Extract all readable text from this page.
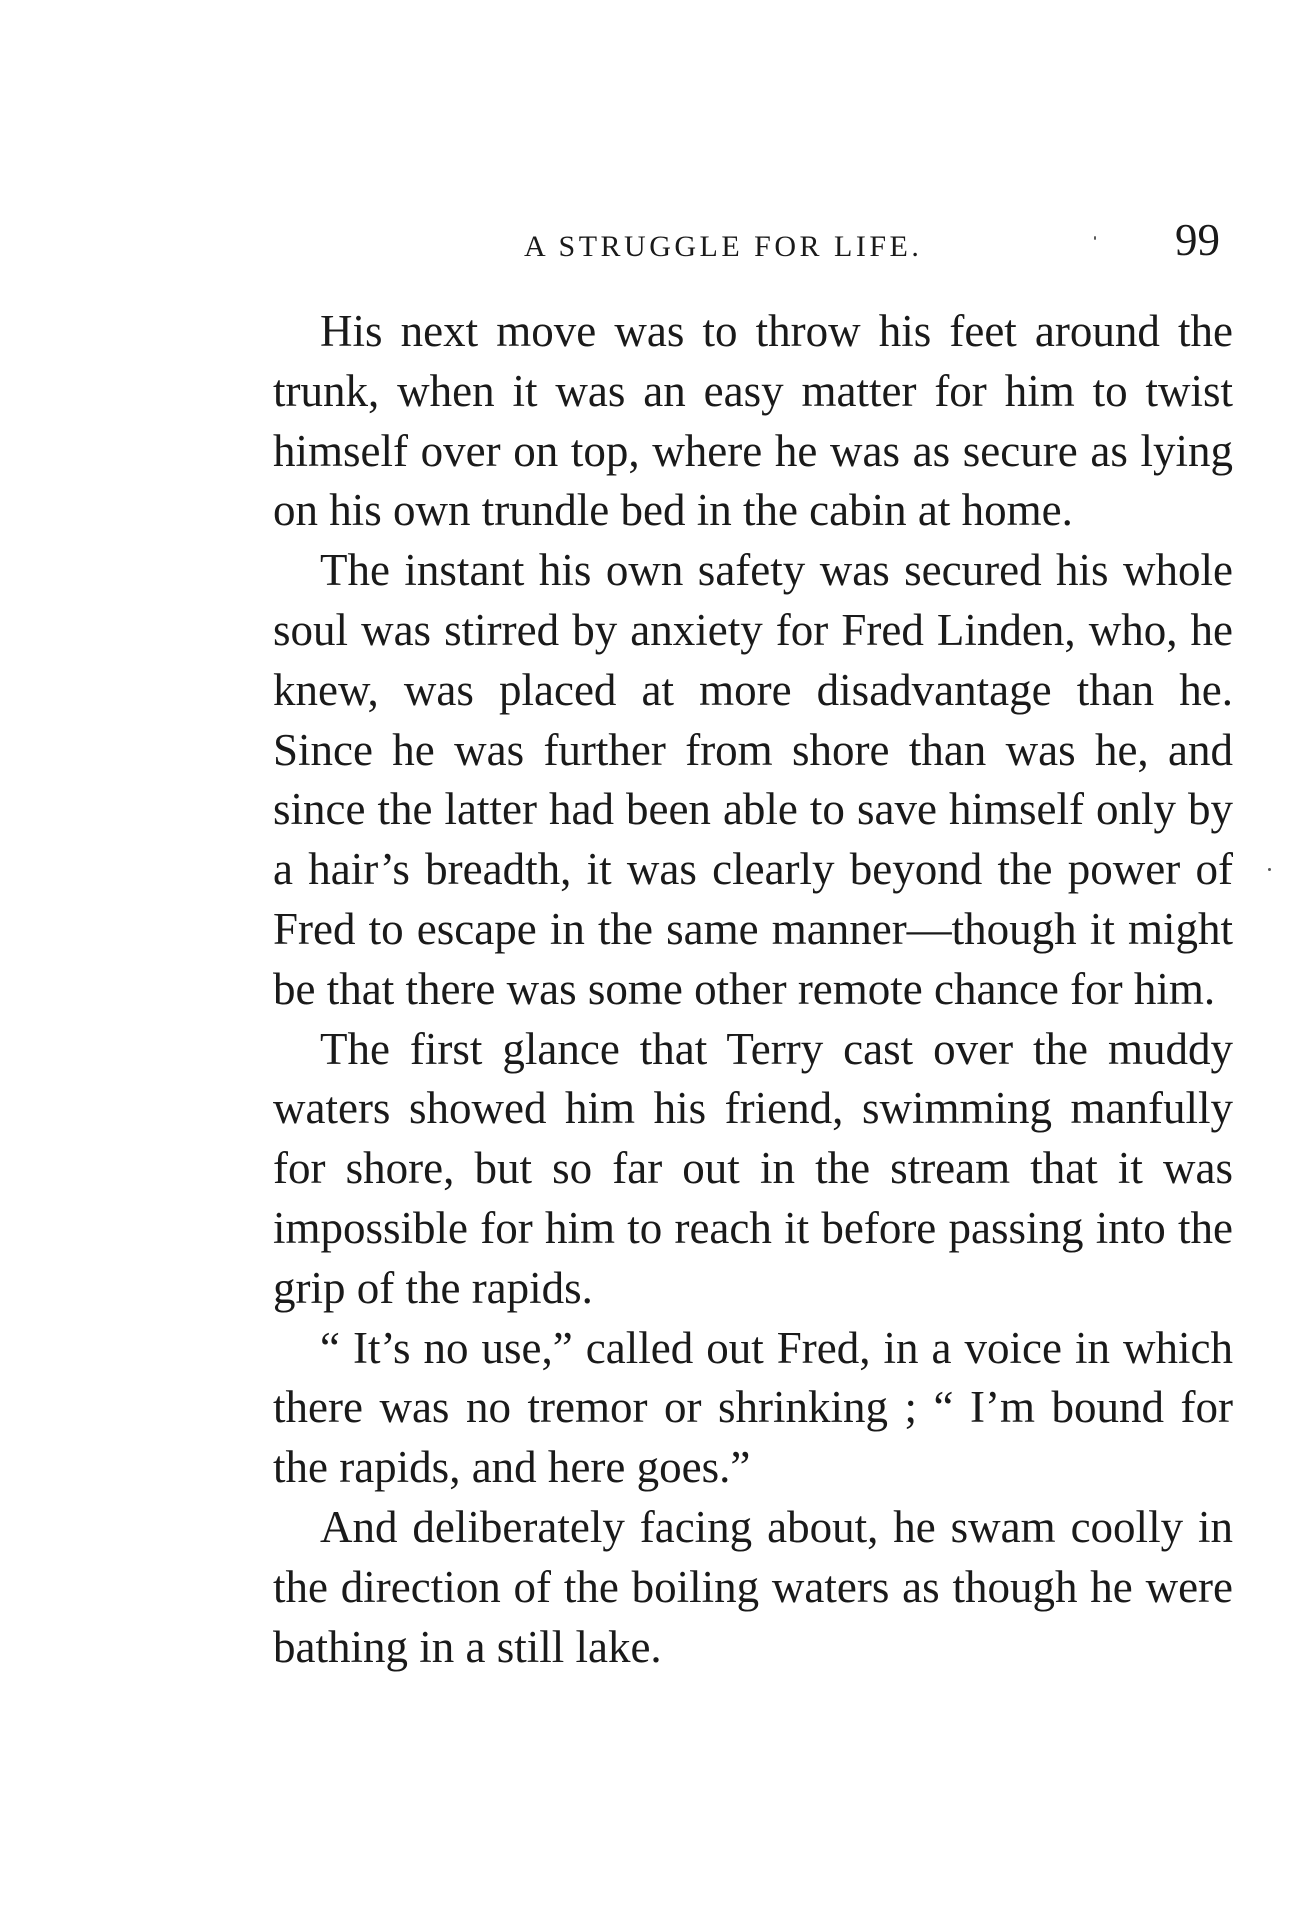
A STRUGGLE FOR LIFE.	99

His next move was to throw his feet around the trunk, when it was an easy matter for him to twist himself over on top, where he was as secure as lying on his own trundle bed in the cabin at home.

The instant his own safety was secured his whole soul was stirred by anxiety for Fred Linden, who, he knew, was placed at more disadvantage than he. Since he was further from shore than was he, and since the latter had been able to save himself only by a hair’s breadth, it was clearly beyond the power of Fred to escape in the same manner—though it might be that there was some other remote chance for him.

The first glance that Terry cast over the muddy waters showed him his friend, swimming manfully for shore, but so far out in the stream that it was impossible for him to reach it before passing into the grip of the rapids.

“ It’s no use,” called out Fred, in a voice in which there was no tremor or shrinking ; “ I’m bound for the rapids, and here goes.”

And deliberately facing about, he swam coolly in the direction of the boiling waters as though he were bathing in a still lake.
